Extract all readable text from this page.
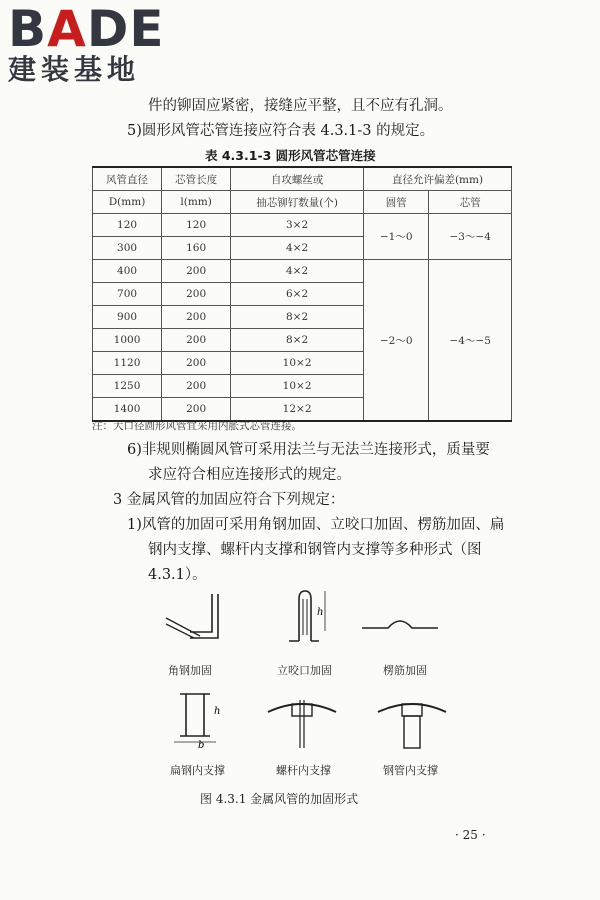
BADE
建装基地
件的铆固应紧密，接缝应平整，且不应有孔洞。
5)圆形风管芯管连接应符合表 4.3.1-3 的规定。
表 4.3.1-3 圆形风管芯管连接
风管直径	芯管长度	自攻螺丝或	直径允许偏差(mm)	
D(mm)	l(mm)	抽芯铆钉数量(个)	圆管	芯管
120	120	3×2	−1～0	−3～−4
300	160	4×2		
400	200	4×2	−2～0	−4～−5
700	200	6×2		
900	200	8×2		
1000	200	8×2		
1120	200	10×2		
1250	200	10×2		
1400	200	12×2		
注：大口径圆形风管宜采用内胀式芯管连接。
6)非规则椭圆风管可采用法兰与无法兰连接形式，质量要
求应符合相应连接形式的规定。
3 金属风管的加固应符合下列规定：
1)风管的加固可采用角钢加固、立咬口加固、楞筋加固、扁
钢内支撑、螺杆内支撑和钢管内支撑等多种形式（图
4.3.1）。
角钢加固
h
立咬口加固	楞筋加固
h
b
扁钢内支撑	螺杆内支撑	钢管内支撑
图 4.3.1 金属风管的加固形式
· 25 ·
